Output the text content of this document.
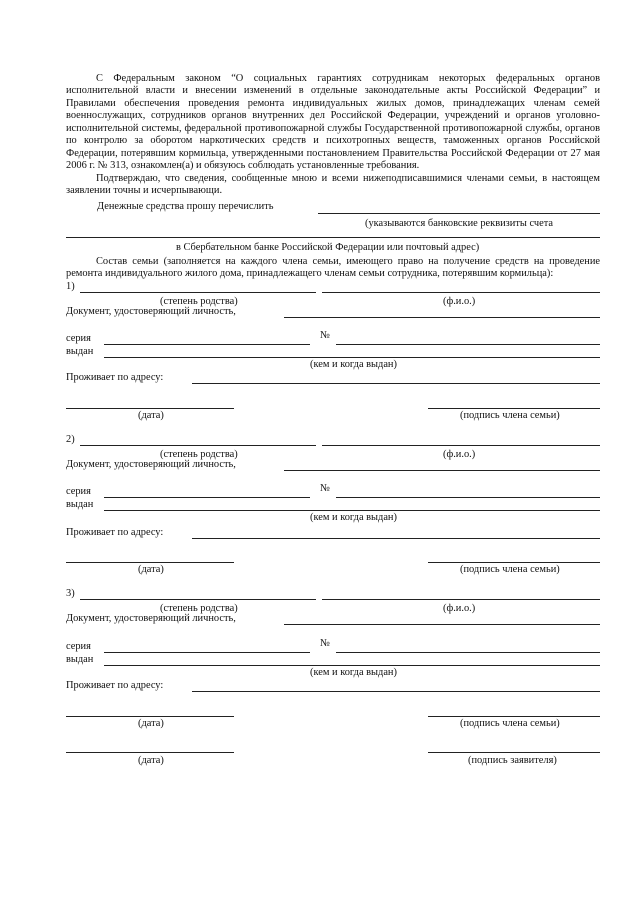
С Федеральным законом “О социальных гарантиях сотрудникам некоторых федеральных органов исполнительной власти и внесении изменений в отдельные законодательные акты Российской Федерации” и Правилами обеспечения проведения ремонта индивидуальных жилых домов, принадлежащих членам семей военнослужащих, сотрудников органов внутренних дел Российской Федерации, учреждений и органов уголовно-исполнительной системы, федеральной противопожарной службы Государственной противопожарной службы, органов по контролю за оборотом наркотических средств и психотропных веществ, таможенных органов Российской Федерации, потерявшим кормильца, утвержденными постановлением Правительства Российской Федерации от 27 мая 2006 г. № 313, ознакомлен(а) и обязуюсь соблюдать установленные требования.

Подтверждаю, что сведения, сообщенные мною и всеми нижеподписавшимися членами семьи, в настоящем заявлении точны и исчерпывающи.

Денежные средства прошу перечислить
(указываются банковские реквизиты счета
в Сбербательном банке Российской Федерации или почтовый адрес)

Состав семьи (заполняется на каждого члена семьи, имеющего право на получение средств на проведение ремонта индивидуального жилого дома, принадлежащего членам семьи сотрудника, потерявшим кормильца):

1)
(степень родства)	(ф.и.о.)
Документ, удостоверяющий личность,
серия	№
выдан
(кем и когда выдан)
Проживает по адресу:
(дата)	(подпись члена семьи)
2)
(степень родства)	(ф.и.о.)
Документ, удостоверяющий личность,
серия	№
выдан
(кем и когда выдан)
Проживает по адресу:
(дата)	(подпись члена семьи)
3)
(степень родства)	(ф.и.о.)
Документ, удостоверяющий личность,
серия	№
выдан
(кем и когда выдан)
Проживает по адресу:
(дата)	(подпись члена семьи)
(дата)	(подпись заявителя)
